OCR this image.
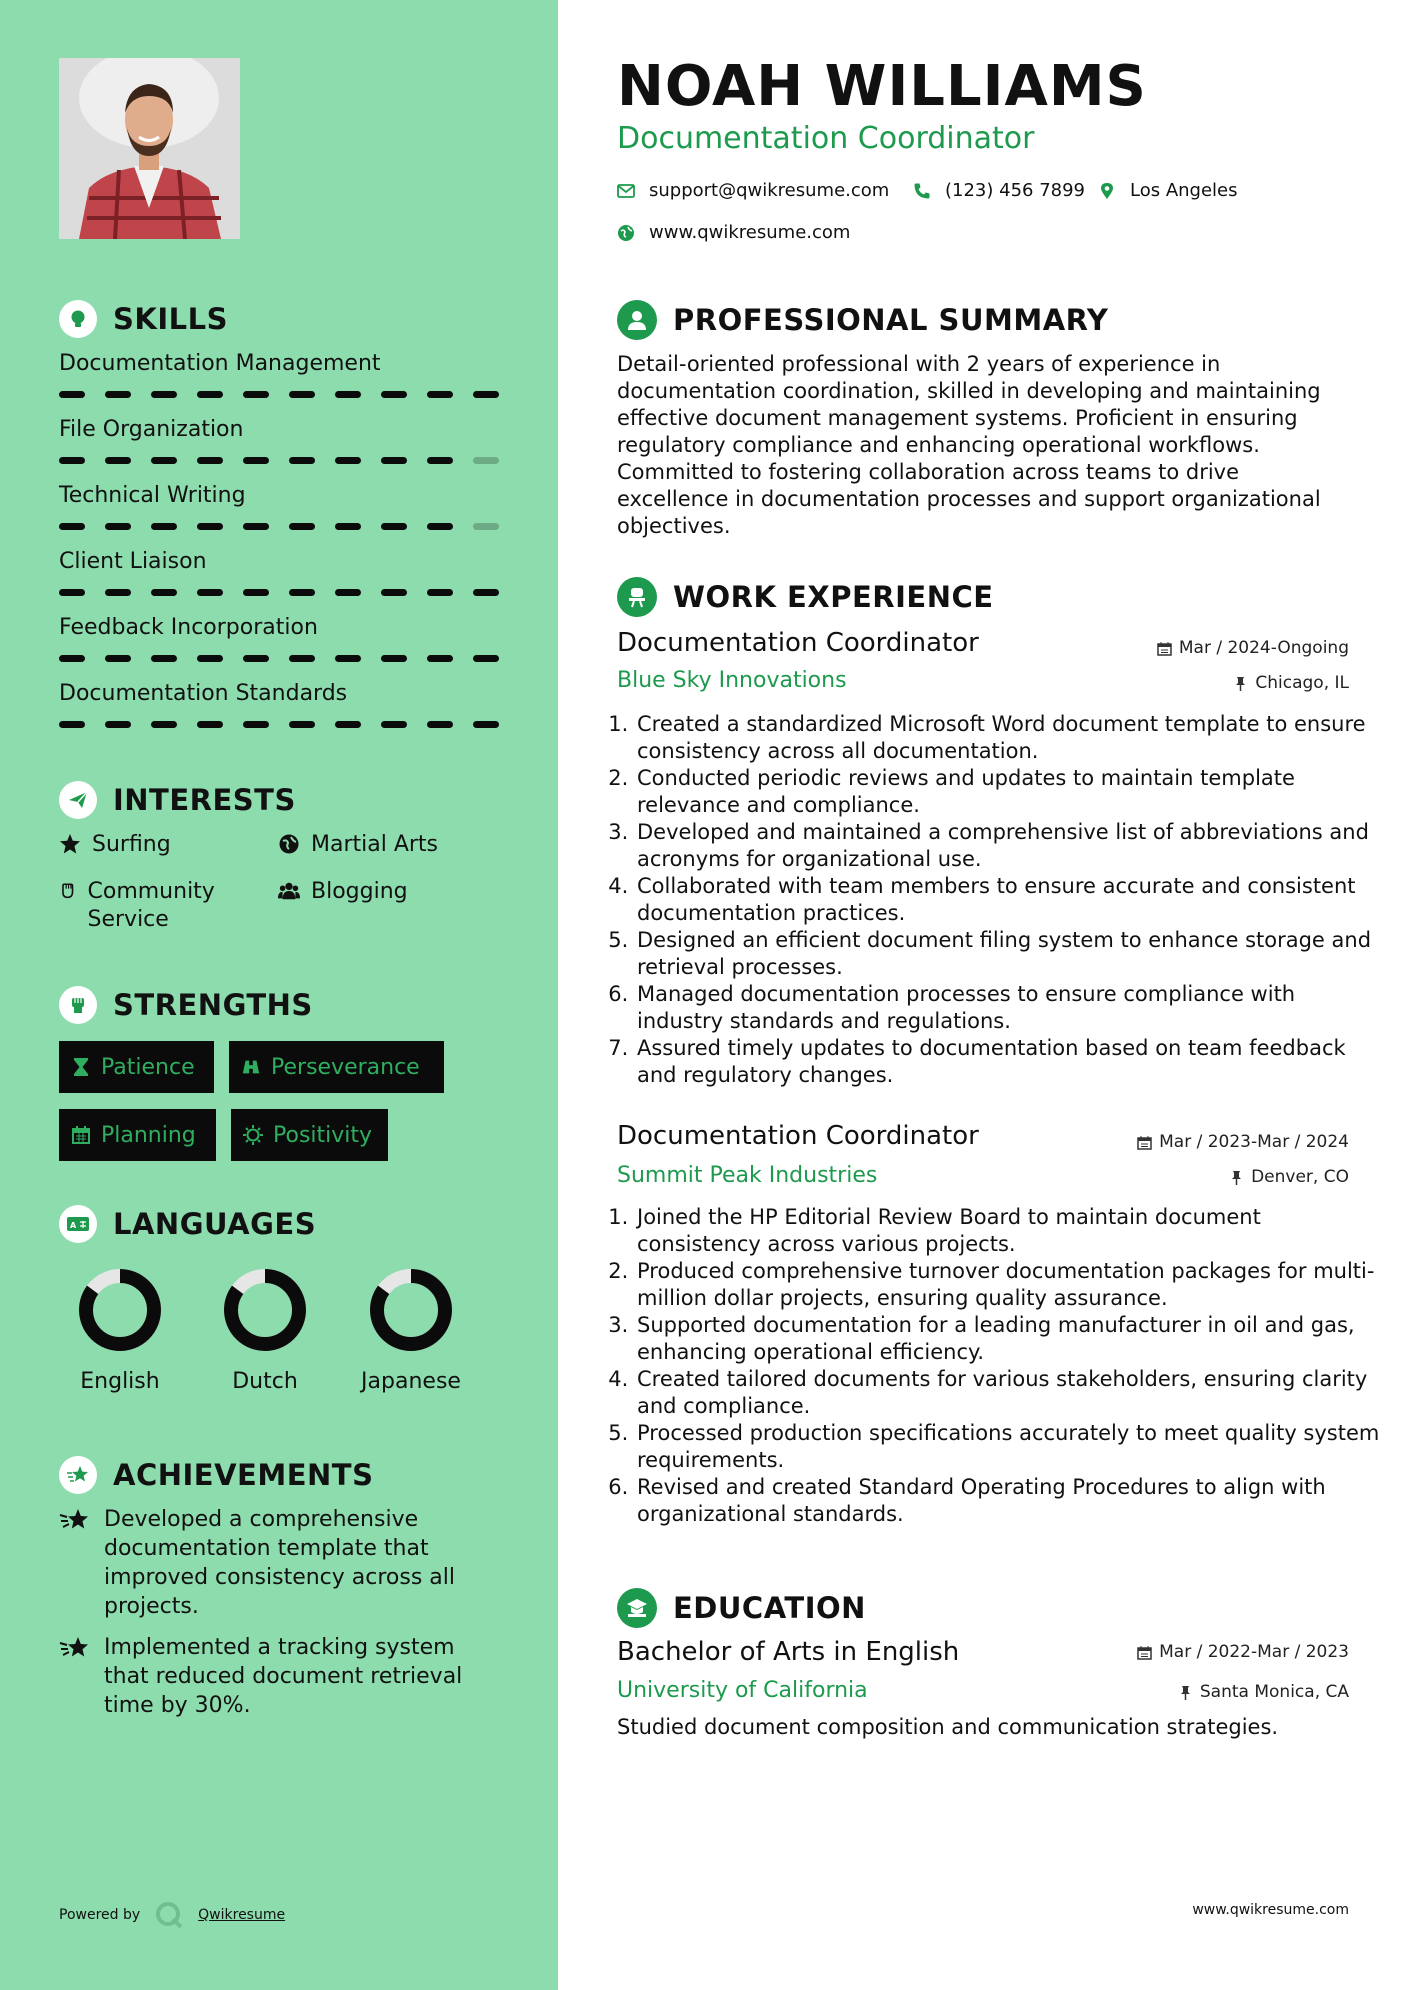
SKILLS
Documentation Management
File Organization
Technical Writing
Client Liaison
Feedback Incorporation
Documentation Standards
INTERESTS
Surfing	Martial Arts
Community Service
Blogging
STRENGTHS
Patience	Perseverance
Planning	Positivity
A LANGUAGES
English	Dutch	Japanese
ACHIEVEMENTS
Developed a comprehensive documentation template that improved consistency across all projects.
Implemented a tracking system that reduced document retrieval time by 30%.
Powered by	Qwikresume
NOAH WILLIAMS
Documentation Coordinator
support@qwikresume.com	(123) 456 7899 Los Angeles
www.qwikresume.com
PROFESSIONAL SUMMARY
Detail-oriented professional with 2 years of experience in documentation coordination, skilled in developing and maintaining effective document management systems. Proficient in ensuring regulatory compliance and enhancing operational workflows. Committed to fostering collaboration across teams to drive excellence in documentation processes and support organizational objectives.
WORK EXPERIENCE
Documentation Coordinator	Mar / 2024-Ongoing
Blue Sky Innovations	Chicago, IL
1. Created a standardized Microsoft Word document template to ensure consistency across all documentation.
2. Conducted periodic reviews and updates to maintain template relevance and compliance.
3. Developed and maintained a comprehensive list of abbreviations and acronyms for organizational use.
4. Collaborated with team members to ensure accurate and consistent documentation practices.
5. Designed an efficient document filing system to enhance storage and retrieval processes.
6. Managed documentation processes to ensure compliance with industry standards and regulations.
7. Assured timely updates to documentation based on team feedback and regulatory changes.
Documentation Coordinator	Mar / 2023-Mar / 2024
Summit Peak Industries	Denver, CO
1. Joined the HP Editorial Review Board to maintain document consistency across various projects.
2. Produced comprehensive turnover documentation packages for multi-million dollar projects, ensuring quality assurance.
3. Supported documentation for a leading manufacturer in oil and gas, enhancing operational efficiency.
4. Created tailored documents for various stakeholders, ensuring clarity and compliance.
5. Processed production specifications accurately to meet quality system requirements.
6. Revised and created Standard Operating Procedures to align with organizational standards.
EDUCATION
Bachelor of Arts in English	Mar / 2022-Mar / 2023
University of California	Santa Monica, CA
Studied document composition and communication strategies.
www.qwikresume.com
